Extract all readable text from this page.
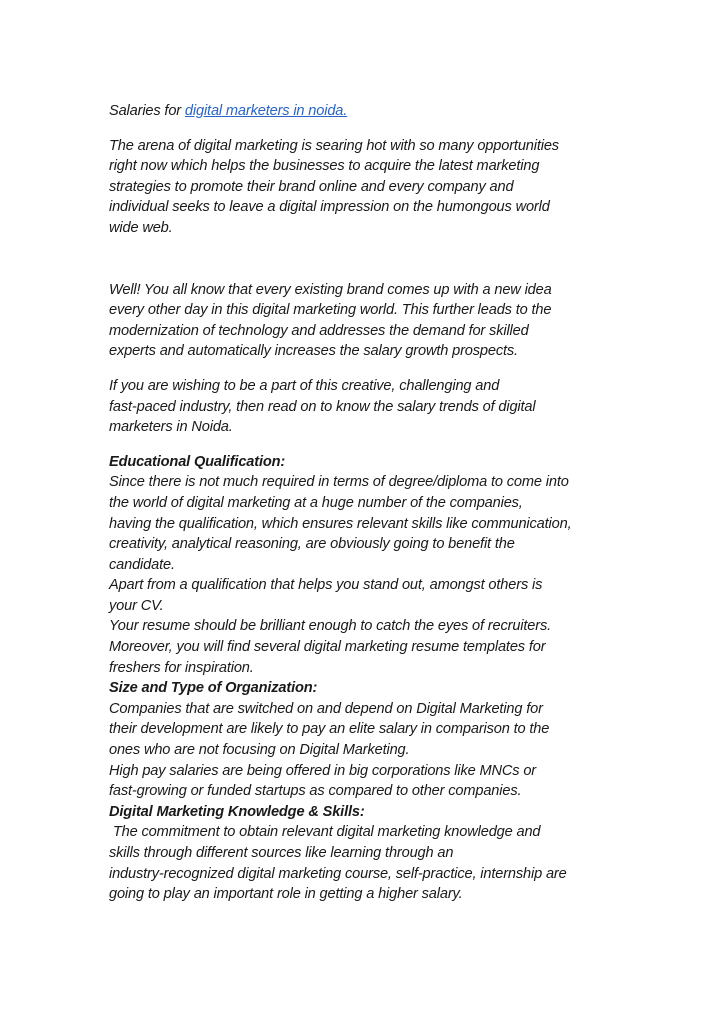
Salaries for digital marketers in noida.
The arena of digital marketing is searing hot with so many opportunities
right now which helps the businesses to acquire the latest marketing
strategies to promote their brand online and every company and
individual seeks to leave a digital impression on the humongous world
wide web.
Well! You all know that every existing brand comes up with a new idea
every other day in this digital marketing world. This further leads to the
modernization of technology and addresses the demand for skilled
experts and automatically increases the salary growth prospects.
If you are wishing to be a part of this creative, challenging and
fast-paced industry, then read on to know the salary trends of digital
marketers in Noida.
Educational Qualification:
Since there is not much required in terms of degree/diploma to come into
the world of digital marketing at a huge number of the companies,
having the qualification, which ensures relevant skills like communication,
creativity, analytical reasoning, are obviously going to benefit the
candidate.
Apart from a qualification that helps you stand out, amongst others is
your CV.
Your resume should be brilliant enough to catch the eyes of recruiters.
Moreover, you will find several digital marketing resume templates for
freshers for inspiration.
Size and Type of Organization:
Companies that are switched on and depend on Digital Marketing for
their development are likely to pay an elite salary in comparison to the
ones who are not focusing on Digital Marketing.
High pay salaries are being offered in big corporations like MNCs or
fast-growing or funded startups as compared to other companies.
Digital Marketing Knowledge & Skills:
The commitment to obtain relevant digital marketing knowledge and
skills through different sources like learning through an
industry-recognized digital marketing course, self-practice, internship are
going to play an important role in getting a higher salary.
